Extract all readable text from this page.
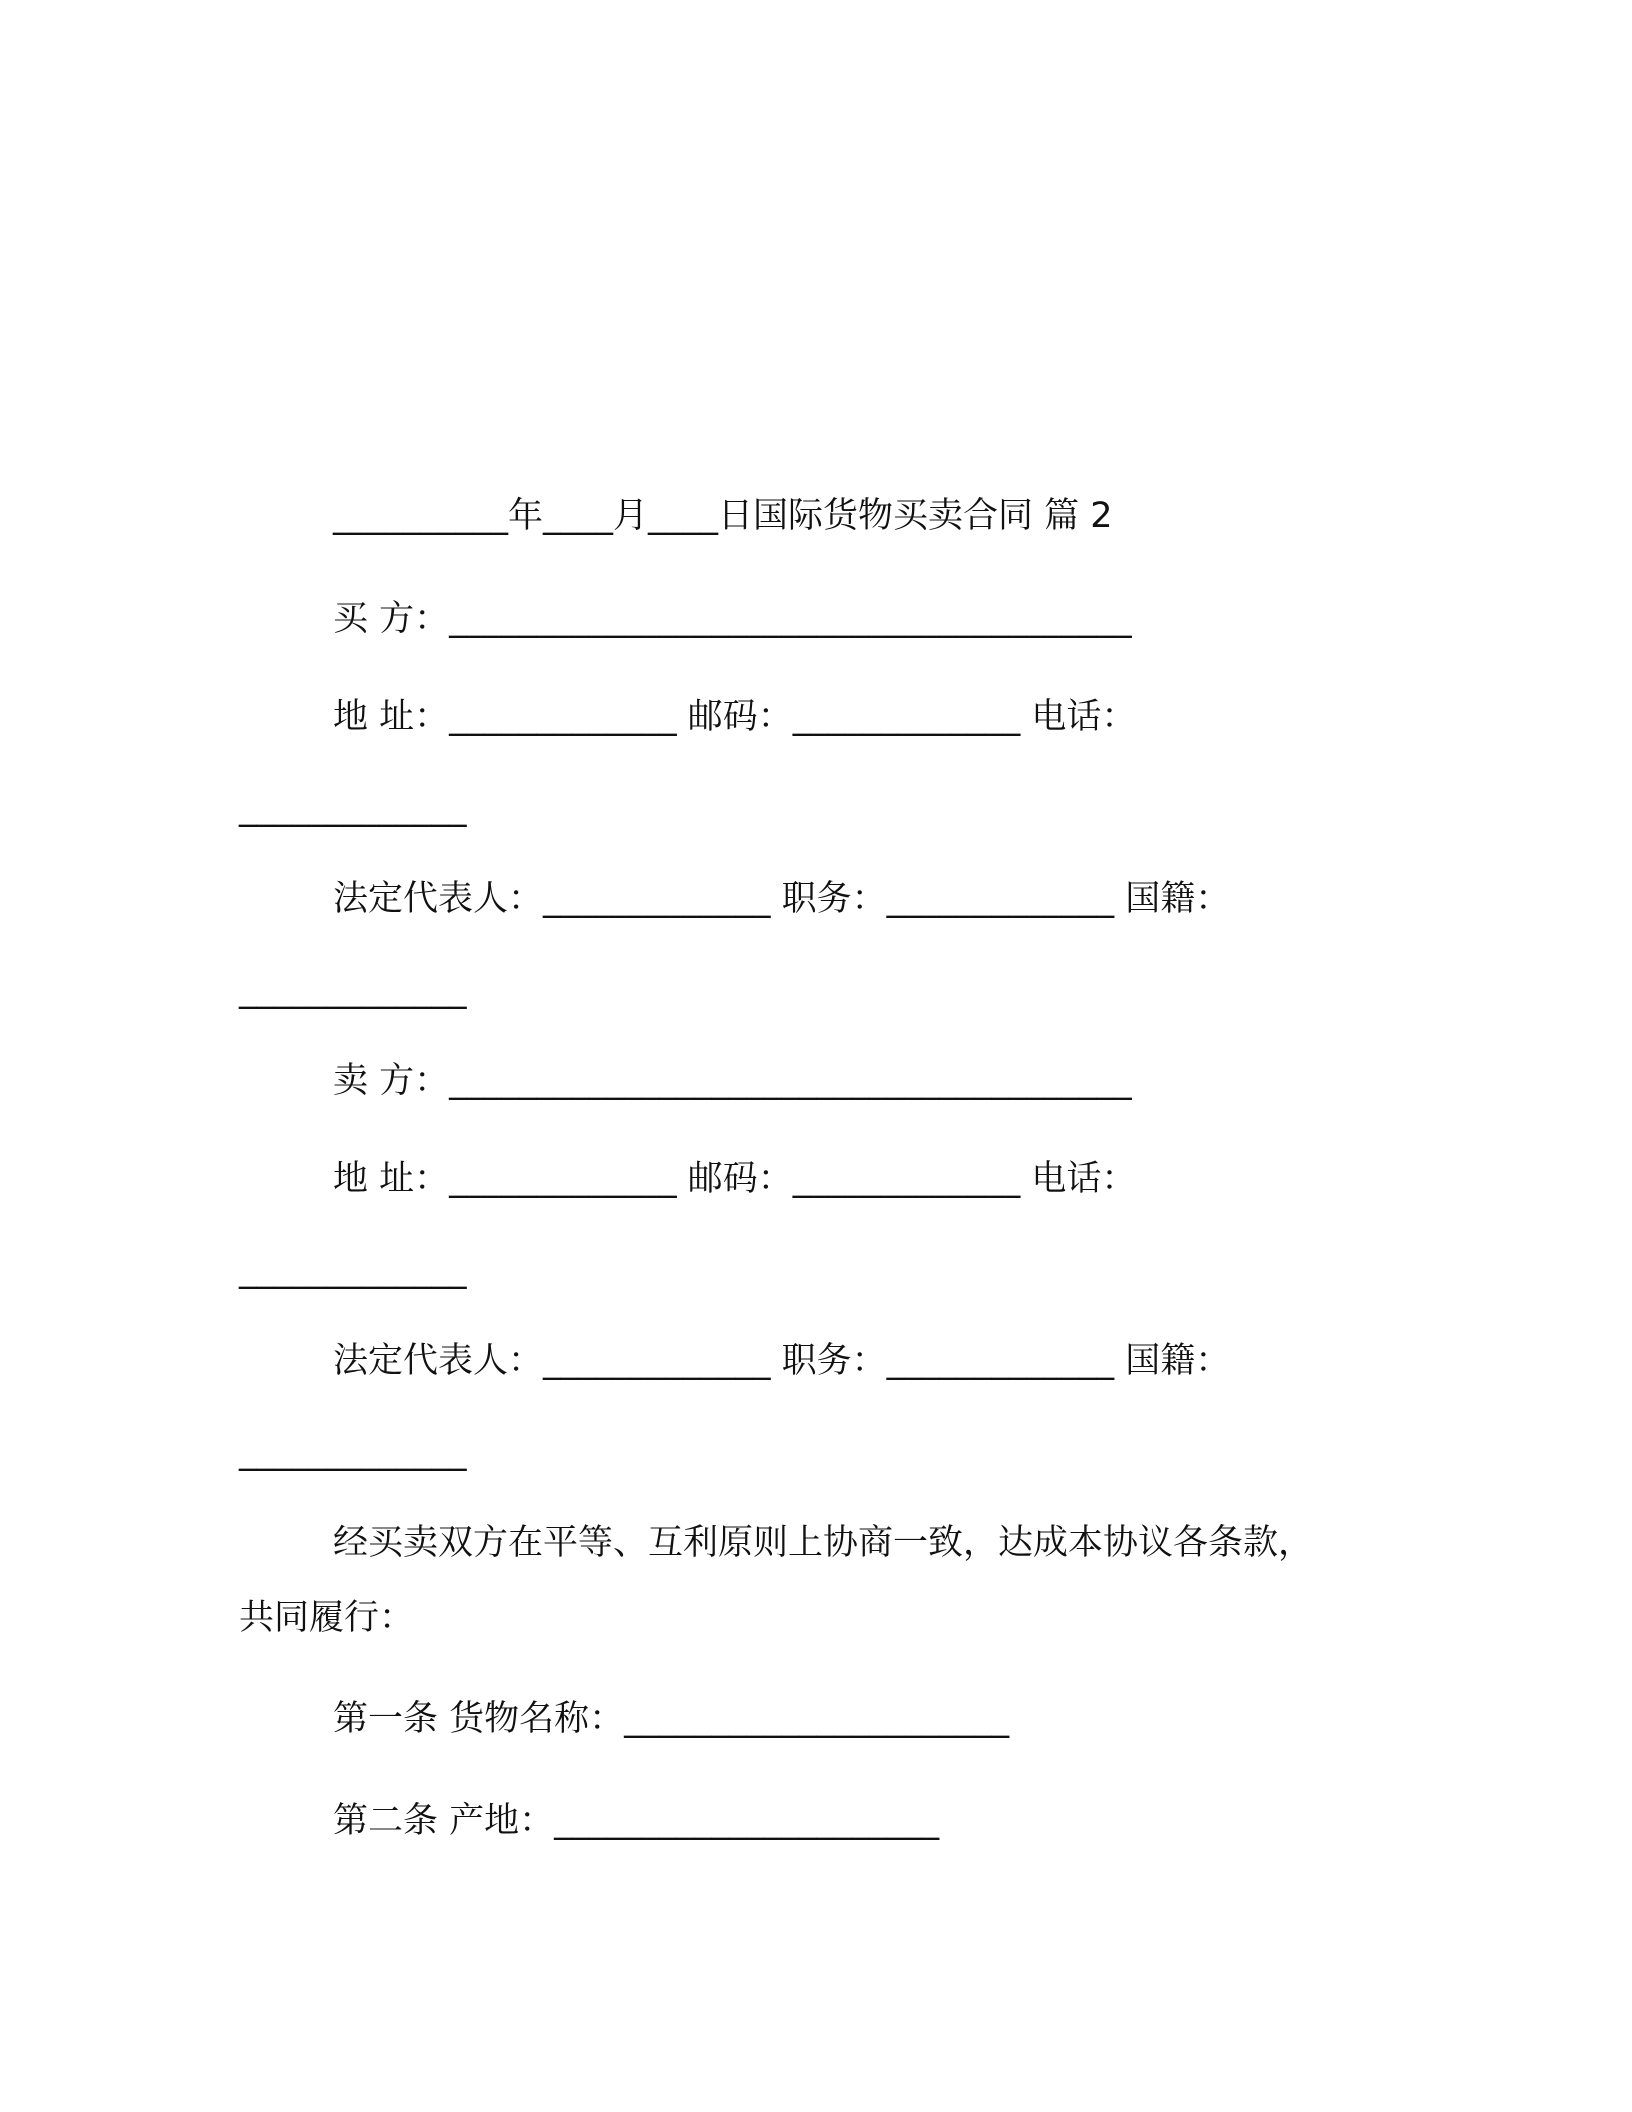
__________年____月____日国际货物买卖合同 篇 2
买 方：_______________________________________
地 址：_____________ 邮码：_____________ 电话：
_____________
法定代表人：_____________ 职务：_____________ 国籍：
_____________
卖 方：_______________________________________
地 址：_____________ 邮码：_____________ 电话：
_____________
法定代表人：_____________ 职务：_____________ 国籍：
_____________
经买卖双方在平等、互利原则上协商一致，达成本协议各条款，
共同履行：
第一条 货物名称：______________________
第二条 产地：______________________
